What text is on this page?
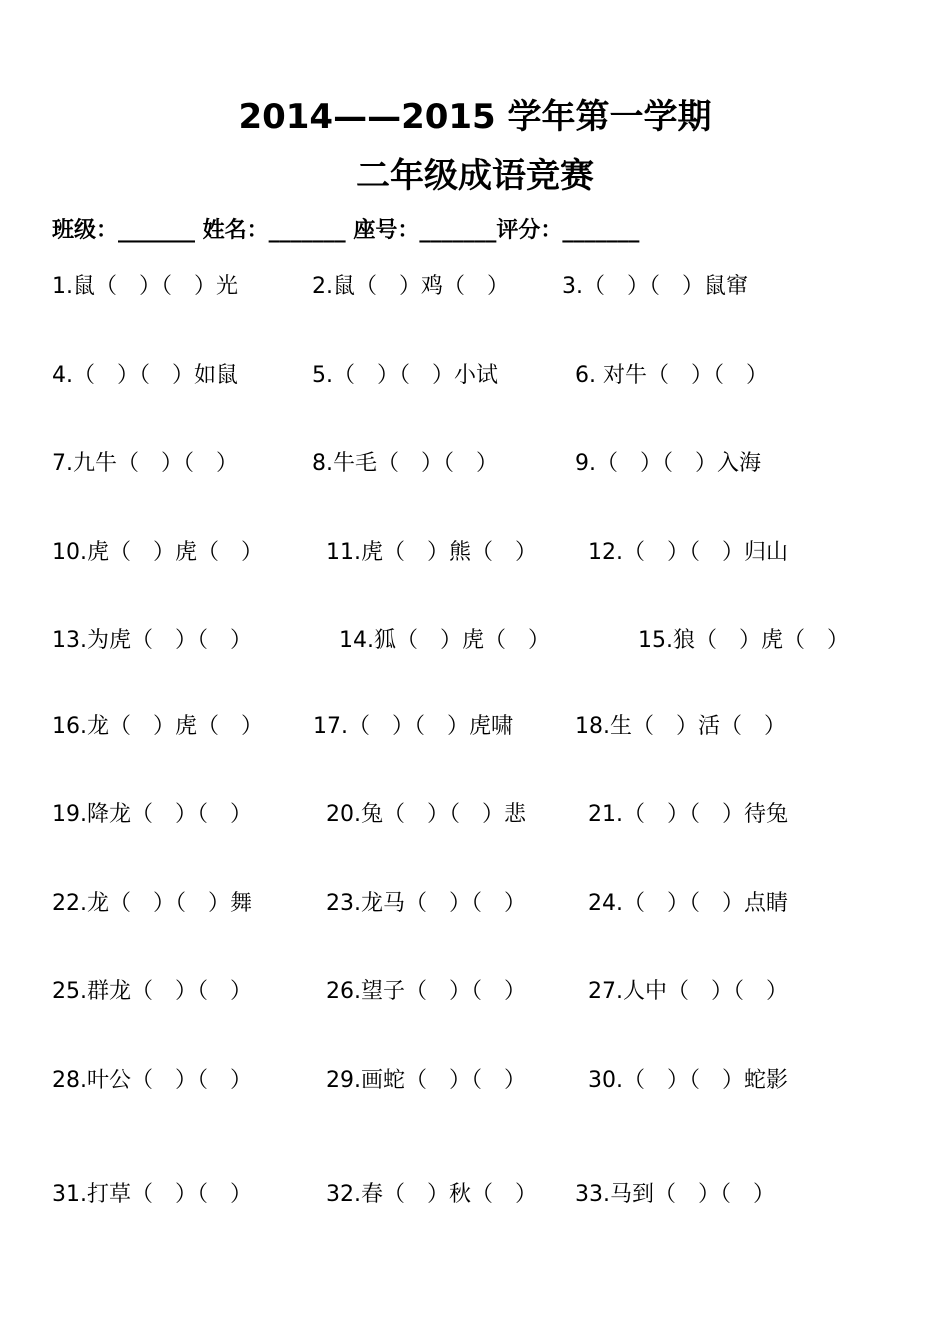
2014——2015 学年第一学期
二年级成语竞赛
班级：_______ 姓名：_______ 座号：_______评分：_______
1.鼠（　）（　）光	2.鼠（　）鸡（　） 3.（　）（　）鼠窜
4.（　）（　）如鼠	5.（　）（　）小试	6. 对牛（　）（　）
7.九牛（　）（　）	8.牛毛（　）（　）	9.（　）（　）入海
10.虎（　）虎（　）	11.虎（　）熊（　） 12.（　）（　）归山
13.为虎（　）（　）	14.狐（　）虎（　）	15.狼（　）虎（　）
16.龙（　）虎（　） 17.（　）（　）虎啸	18.生（　）活（　）
19.降龙（　）（　）	20.兔（　）（　）悲	21.（　）（　）待兔
22.龙（　）（　）舞	23.龙马（　）（　）	24.（　）（　）点睛
25.群龙（　）（　）	26.望子（　）（　）	27.人中（　）（　）
28.叶公（　）（　）	29.画蛇（　）（　）	30.（　）（　）蛇影
31.打草（　）（　）	32.春（　）秋（　） 33.马到（　）（　）
